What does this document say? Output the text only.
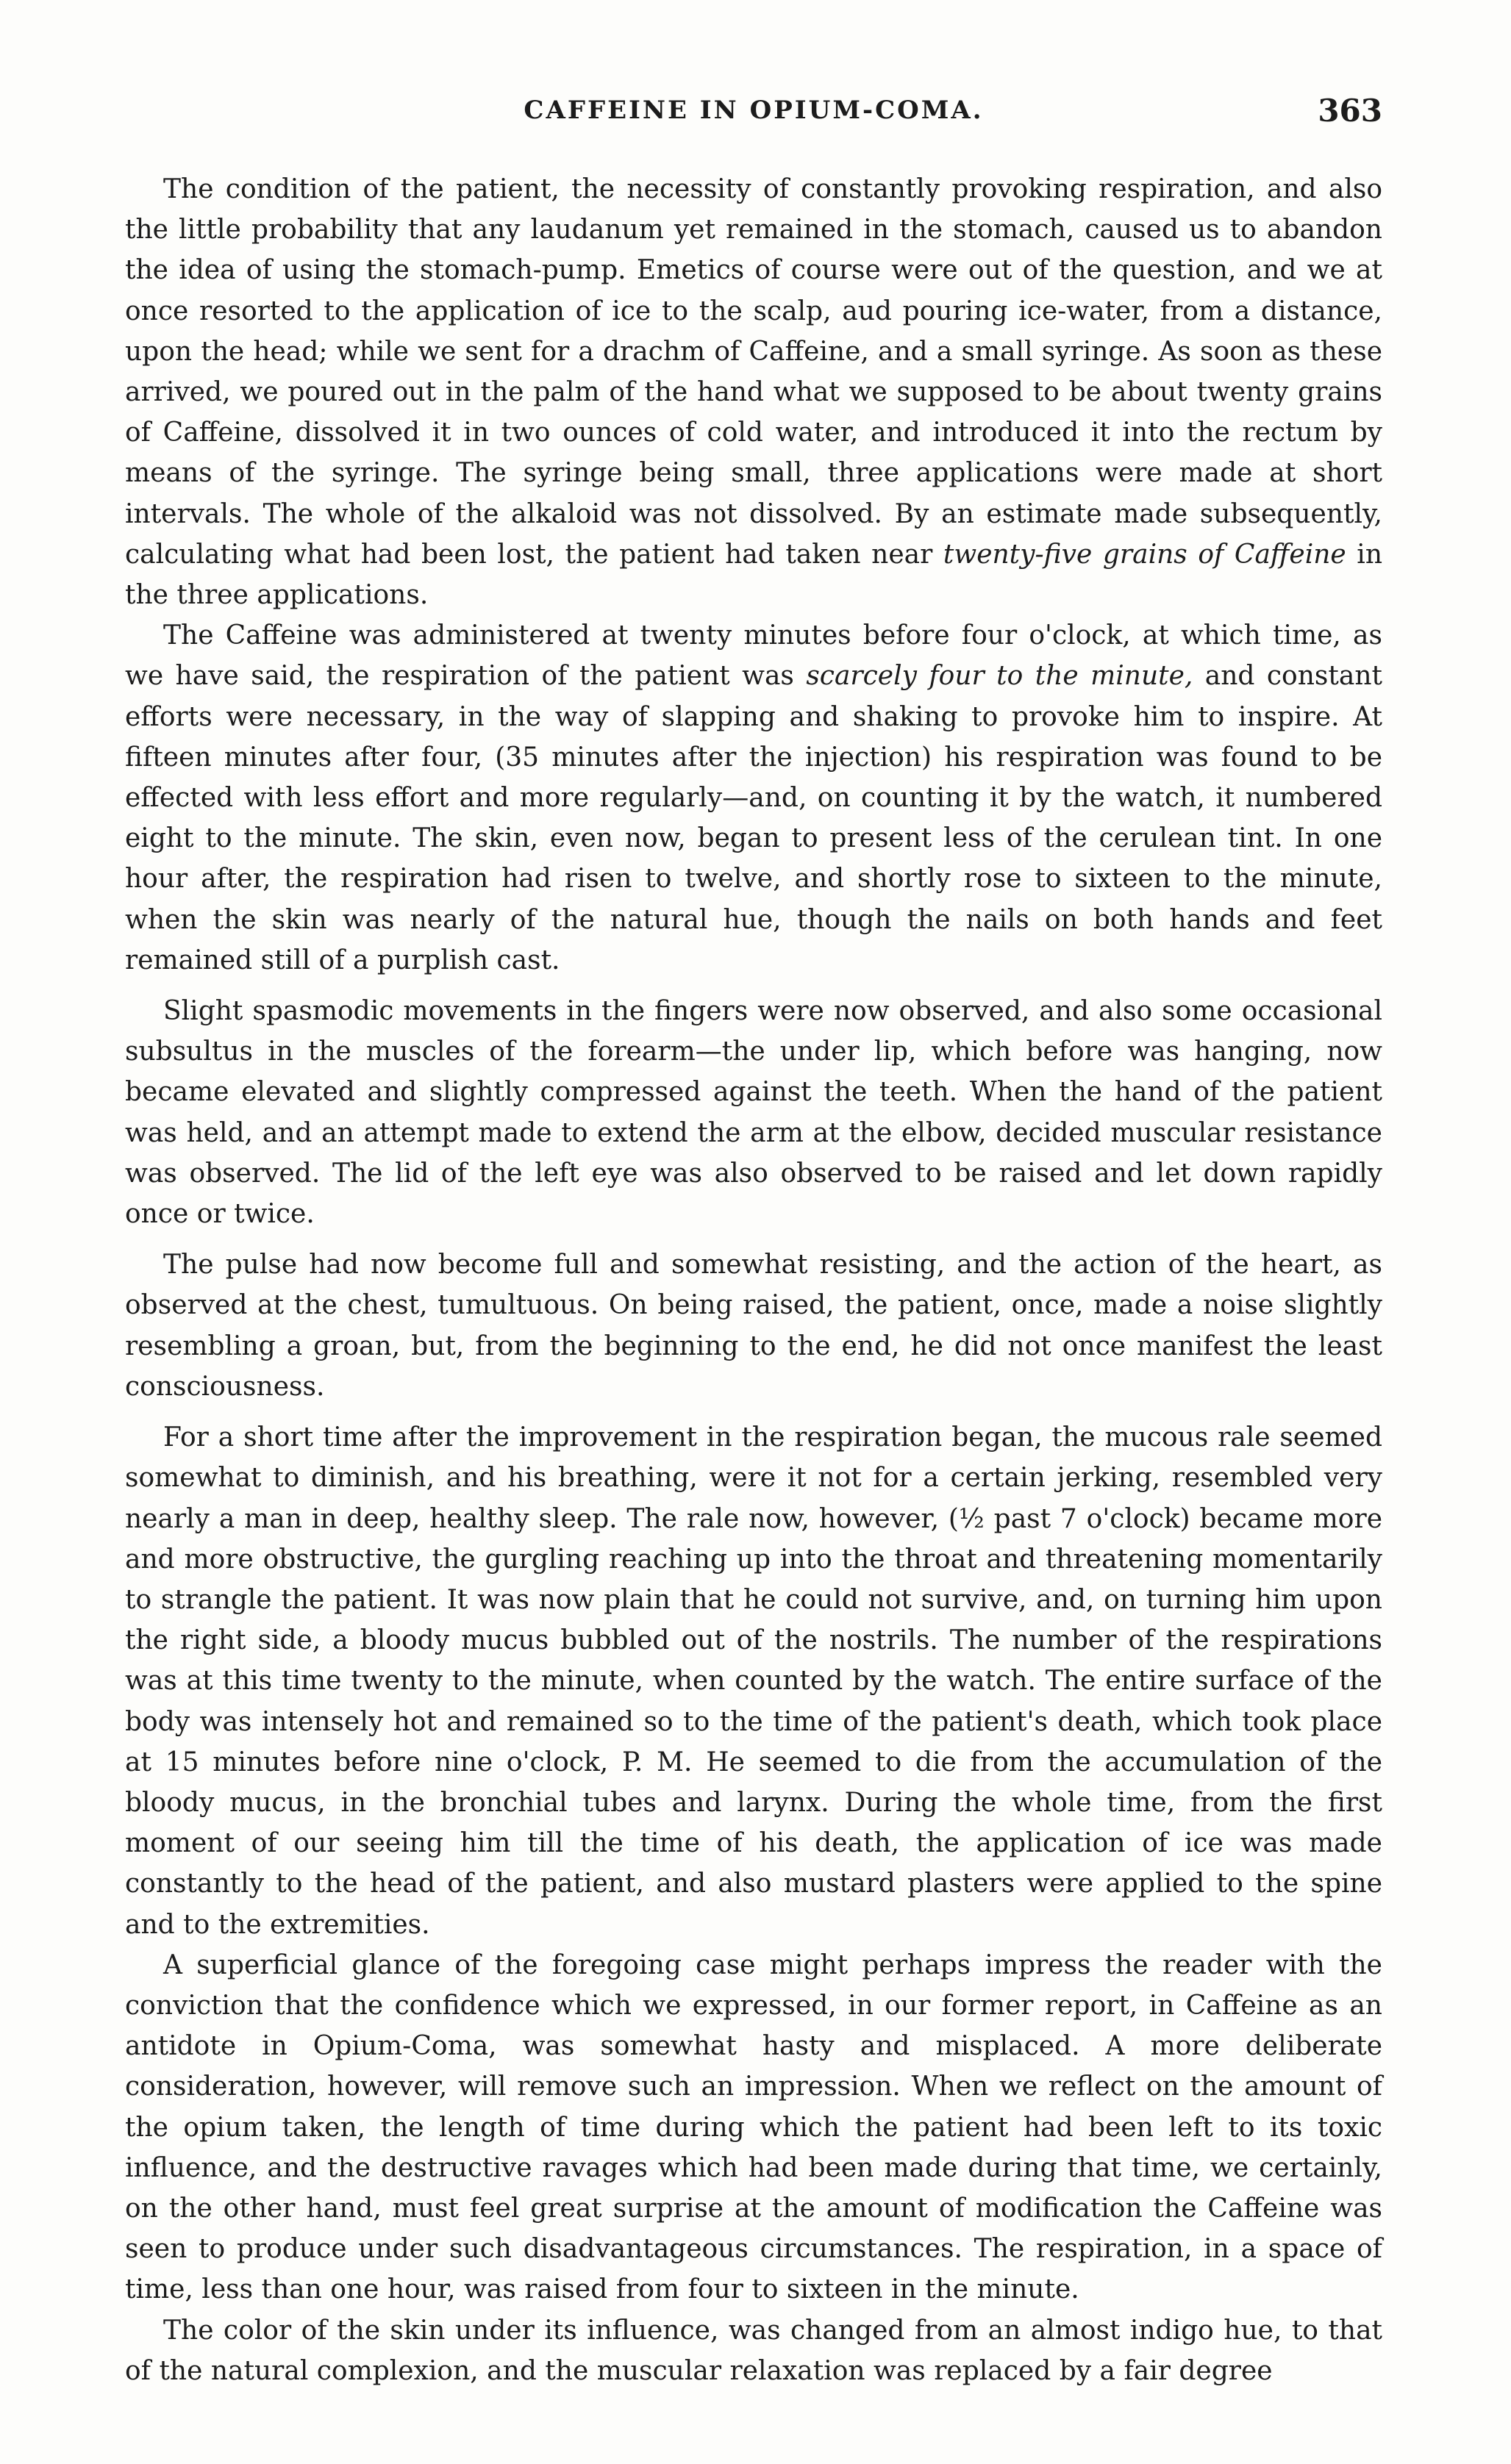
CAFFEINE IN OPIUM-COMA.	363

The condition of the patient, the necessity of constantly provoking respiration, and also the little probability that any laudanum yet remained in the stomach, caused us to abandon the idea of using the stomach-pump. Emetics of course were out of the question, and we at once resorted to the application of ice to the scalp, aud pouring ice-water, from a distance, upon the head; while we sent for a drachm of Caffeine, and a small syringe. As soon as these arrived, we poured out in the palm of the hand what we supposed to be about twenty grains of Caffeine, dissolved it in two ounces of cold water, and introduced it into the rectum by means of the syringe. The syringe being small, three applications were made at short intervals. The whole of the alkaloid was not dissolved. By an estimate made subsequently, calculating what had been lost, the patient had taken near twenty-five grains of Caffeine in the three applications.

The Caffeine was administered at twenty minutes before four o'clock, at which time, as we have said, the respiration of the patient was scarcely four to the minute, and constant efforts were necessary, in the way of slapping and shaking to provoke him to inspire. At fifteen minutes after four, (35 minutes after the injection) his respiration was found to be effected with less effort and more regularly—and, on counting it by the watch, it numbered eight to the minute. The skin, even now, began to present less of the cerulean tint. In one hour after, the respiration had risen to twelve, and shortly rose to sixteen to the minute, when the skin was nearly of the natural hue, though the nails on both hands and feet remained still of a purplish cast.

Slight spasmodic movements in the fingers were now observed, and also some occasional subsultus in the muscles of the forearm—the under lip, which before was hanging, now became elevated and slightly compressed against the teeth. When the hand of the patient was held, and an attempt made to extend the arm at the elbow, decided muscular resistance was observed. The lid of the left eye was also observed to be raised and let down rapidly once or twice.

The pulse had now become full and somewhat resisting, and the action of the heart, as observed at the chest, tumultuous. On being raised, the patient, once, made a noise slightly resembling a groan, but, from the beginning to the end, he did not once manifest the least consciousness.

For a short time after the improvement in the respiration began, the mucous rale seemed somewhat to diminish, and his breathing, were it not for a certain jerking, resembled very nearly a man in deep, healthy sleep. The rale now, however, (½ past 7 o'clock) became more and more obstructive, the gurgling reaching up into the throat and threatening momentarily to strangle the patient. It was now plain that he could not survive, and, on turning him upon the right side, a bloody mucus bubbled out of the nostrils. The number of the respirations was at this time twenty to the minute, when counted by the watch. The entire surface of the body was intensely hot and remained so to the time of the patient's death, which took place at 15 minutes before nine o'clock, P. M. He seemed to die from the accumulation of the bloody mucus, in the bronchial tubes and larynx. During the whole time, from the first moment of our seeing him till the time of his death, the application of ice was made constantly to the head of the patient, and also mustard plasters were applied to the spine and to the extremities.

A superficial glance of the foregoing case might perhaps impress the reader with the conviction that the confidence which we expressed, in our former report, in Caffeine as an antidote in Opium-Coma, was somewhat hasty and misplaced. A more deliberate consideration, however, will remove such an impression. When we reflect on the amount of the opium taken, the length of time during which the patient had been left to its toxic influence, and the destructive ravages which had been made during that time, we certainly, on the other hand, must feel great surprise at the amount of modification the Caffeine was seen to produce under such disadvantageous circumstances. The respiration, in a space of time, less than one hour, was raised from four to sixteen in the minute.

The color of the skin under its influence, was changed from an almost indigo hue, to that of the natural complexion, and the muscular relaxation was replaced by a fair degree
